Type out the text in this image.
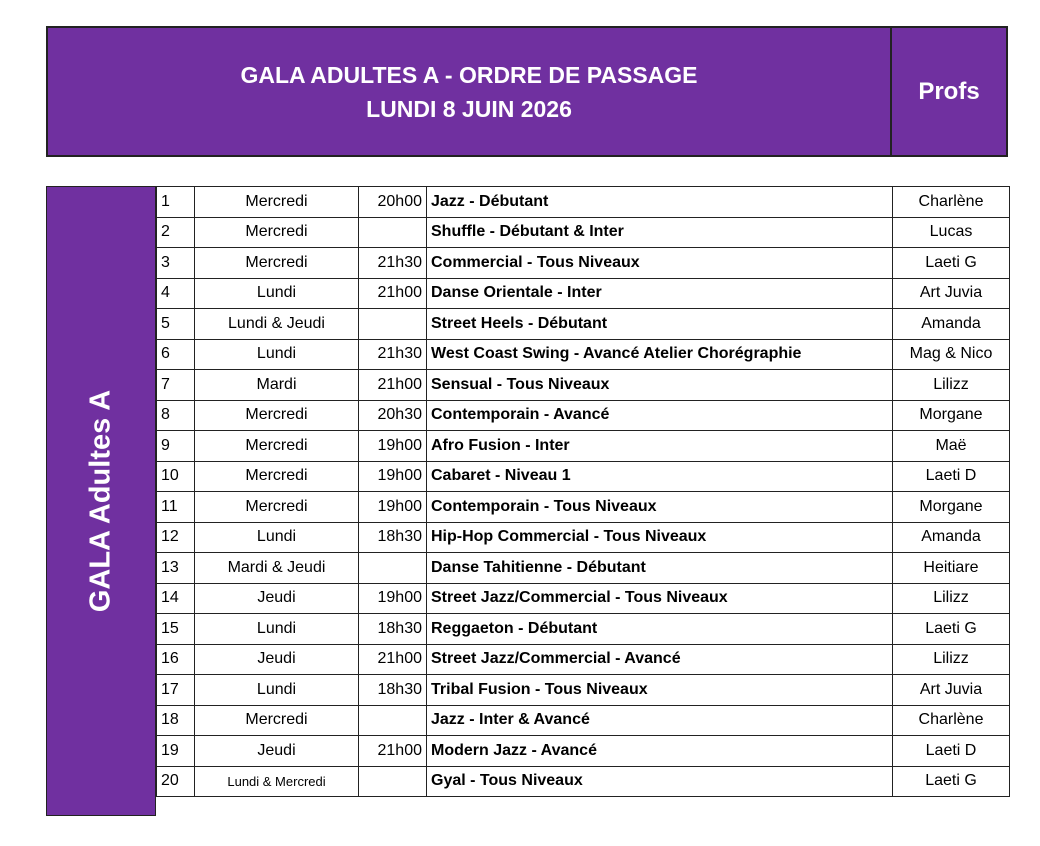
GALA ADULTES A - ORDRE DE PASSAGE
LUNDI 8 JUIN 2026
Profs
GALA Adultes A
1	Mercredi	20h00	Jazz - Débutant	Charlène
2	Mercredi		Shuffle - Débutant & Inter	Lucas
3	Mercredi	21h30	Commercial - Tous Niveaux	Laeti G
4	Lundi	21h00	Danse Orientale - Inter	Art Juvia
5	Lundi & Jeudi		Street Heels - Débutant	Amanda
6	Lundi	21h30	West Coast Swing - Avancé Atelier Chorégraphie	Mag & Nico
7	Mardi	21h00	Sensual - Tous Niveaux	Lilizz
8	Mercredi	20h30	Contemporain - Avancé	Morgane
9	Mercredi	19h00	Afro Fusion - Inter	Maë
10	Mercredi	19h00	Cabaret - Niveau 1	Laeti D
11	Mercredi	19h00	Contemporain - Tous Niveaux	Morgane
12	Lundi	18h30	Hip-Hop Commercial - Tous Niveaux	Amanda
13	Mardi & Jeudi		Danse Tahitienne - Débutant	Heitiare
14	Jeudi	19h00	Street Jazz/Commercial - Tous Niveaux	Lilizz
15	Lundi	18h30	Reggaeton - Débutant	Laeti G
16	Jeudi	21h00	Street Jazz/Commercial - Avancé	Lilizz
17	Lundi	18h30	Tribal Fusion - Tous Niveaux	Art Juvia
18	Mercredi		Jazz - Inter & Avancé	Charlène
19	Jeudi	21h00	Modern Jazz - Avancé	Laeti D
20	Lundi & Mercredi		Gyal - Tous Niveaux	Laeti G
